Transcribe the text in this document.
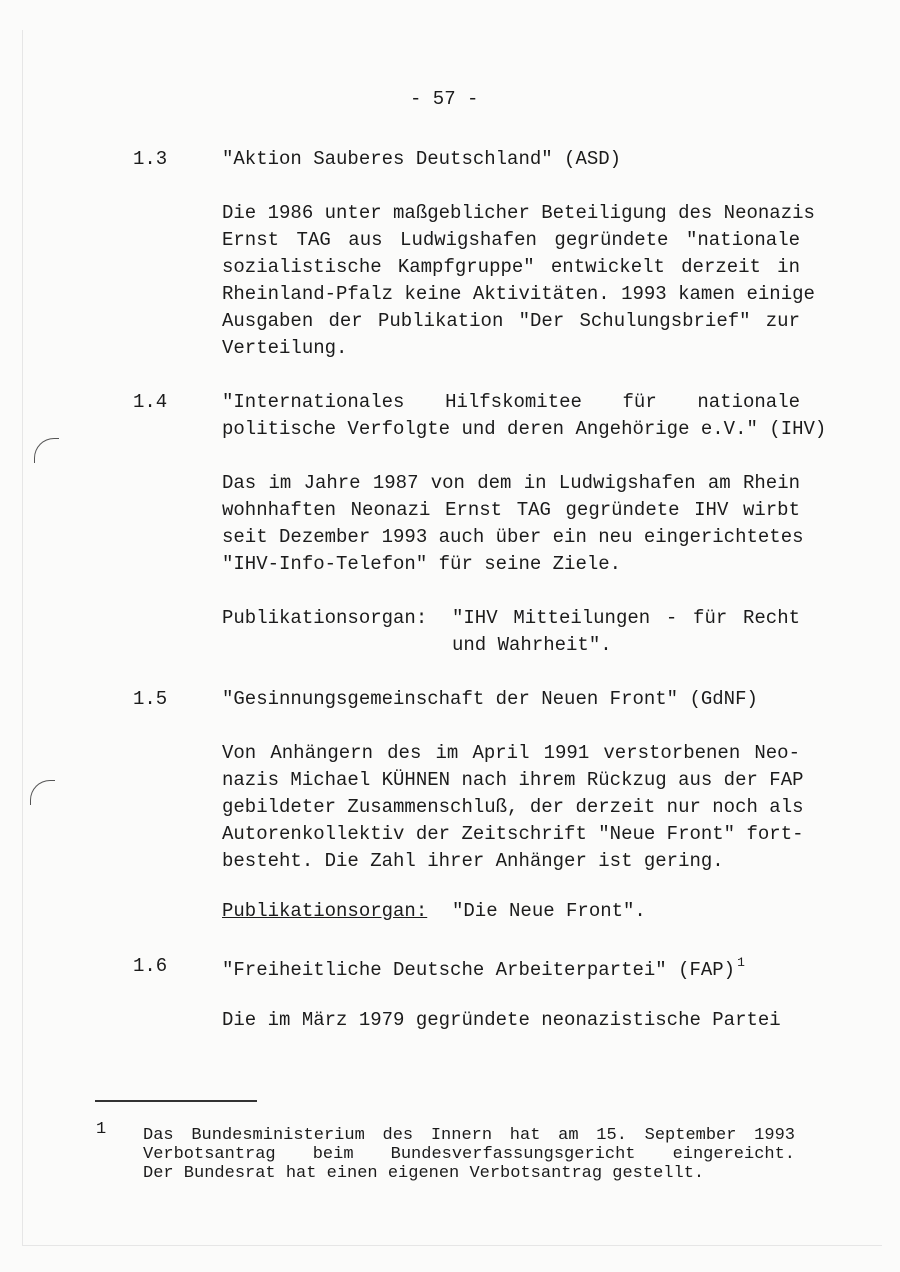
- 57 -
1.3	"Aktion Sauberes Deutschland" (ASD)
Die 1986 unter maßgeblicher Beteiligung des Neonazis
Ernst TAG aus Ludwigshafen gegründete "nationale
sozialistische Kampfgruppe" entwickelt derzeit in
Rheinland-Pfalz keine Aktivitäten. 1993 kamen einige
Ausgaben der Publikation "Der Schulungsbrief" zur
Verteilung.
1.4	"Internationales Hilfskomitee für nationale
politische Verfolgte und deren Angehörige e.V." (IHV)
Das im Jahre 1987 von dem in Ludwigshafen am Rhein
wohnhaften Neonazi Ernst TAG gegründete IHV wirbt
seit Dezember 1993 auch über ein neu eingerichtetes
"IHV-Info-Telefon" für seine Ziele.
Publikationsorgan: "IHV Mitteilungen - für Recht
und Wahrheit".
1.5	"Gesinnungsgemeinschaft der Neuen Front" (GdNF)
Von Anhängern des im April 1991 verstorbenen Neo-
nazis Michael KÜHNEN nach ihrem Rückzug aus der FAP
gebildeter Zusammenschluß, der derzeit nur noch als
Autorenkollektiv der Zeitschrift "Neue Front" fort-
besteht. Die Zahl ihrer Anhänger ist gering.
Publikationsorgan: "Die Neue Front".
1.6	"Freiheitliche Deutsche Arbeiterpartei" (FAP) $^1$
Die im März 1979 gegründete neonazistische Partei
1 Das Bundesministerium des Innern hat am 15. September 1993
Verbotsantrag beim Bundesverfassungsgericht eingereicht.
Der Bundesrat hat einen eigenen Verbotsantrag gestellt.
